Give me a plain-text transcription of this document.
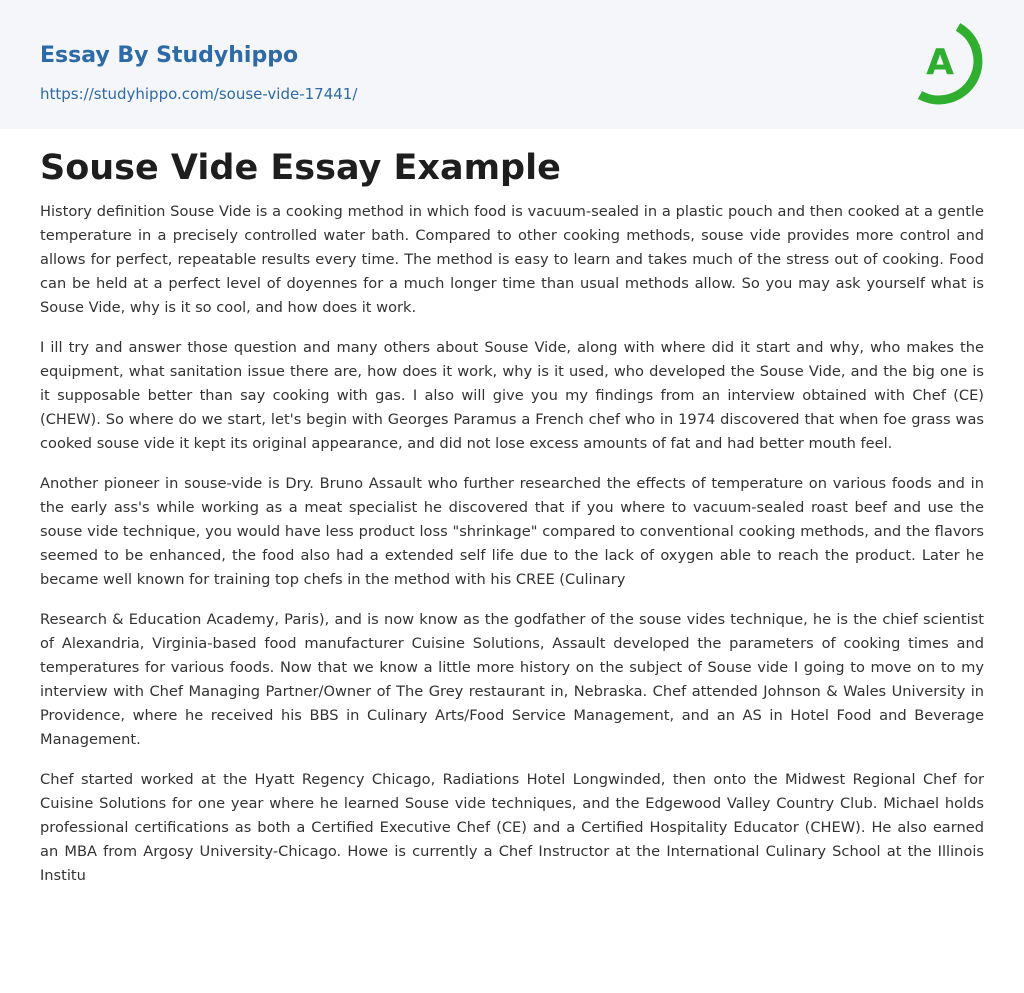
Essay By Studyhippo
https://studyhippo.com/souse-vide-17441/
A
Souse Vide Essay Example

History definition Souse Vide is a cooking method in which food is vacuum-sealed in a plastic pouch and then cooked at a gentle temperature in a precisely controlled water bath. Compared to other cooking methods, souse vide provides more control and allows for perfect, repeatable results every time. The method is easy to learn and takes much of the stress out of cooking. Food can be held at a perfect level of doyennes for a much longer time than usual methods allow. So you may ask yourself what is Souse Vide, why is it so cool, and how does it work.

I ill try and answer those question and many others about Souse Vide, along with where did it start and why, who makes the equipment, what sanitation issue there are, how does it work, why is it used, who developed the Souse Vide, and the big one is it supposable better than say cooking with gas. I also will give you my findings from an interview obtained with Chef (CE)(CHEW). So where do we start, let's begin with Georges Paramus a French chef who in 1974 discovered that when foe grass was cooked souse vide it kept its original appearance, and did not lose excess amounts of fat and had better mouth feel.

Another pioneer in souse-vide is Dry. Bruno Assault who further researched the effects of temperature on various foods and in the early ass's while working as a meat specialist he discovered that if you where to vacuum-sealed roast beef and use the souse vide technique, you would have less product loss "shrinkage" compared to conventional cooking methods, and the flavors seemed to be enhanced, the food also had a extended self life due to the lack of oxygen able to reach the product. Later he became well known for training top chefs in the method with his CREE (Culinary

Research & Education Academy, Paris), and is now know as the godfather of the souse vides technique, he is the chief scientist of Alexandria, Virginia-based food manufacturer Cuisine Solutions, Assault developed the parameters of cooking times and temperatures for various foods. Now that we know a little more history on the subject of Souse vide I going to move on to my interview with Chef Managing Partner/Owner of The Grey restaurant in, Nebraska. Chef attended Johnson & Wales University in Providence, where he received his BBS in Culinary Arts/Food Service Management, and an AS in Hotel Food and Beverage Management.

Chef started worked at the Hyatt Regency Chicago, Radiations Hotel Longwinded, then onto the Midwest Regional Chef for Cuisine Solutions for one year where he learned Souse vide techniques, and the Edgewood Valley Country Club. Michael holds professional certifications as both a Certified Executive Chef (CE) and a Certified Hospitality Educator (CHEW). He also earned an MBA from Argosy University-Chicago. Howe is currently a Chef Instructor at the International Culinary School at the Illinois Institu
